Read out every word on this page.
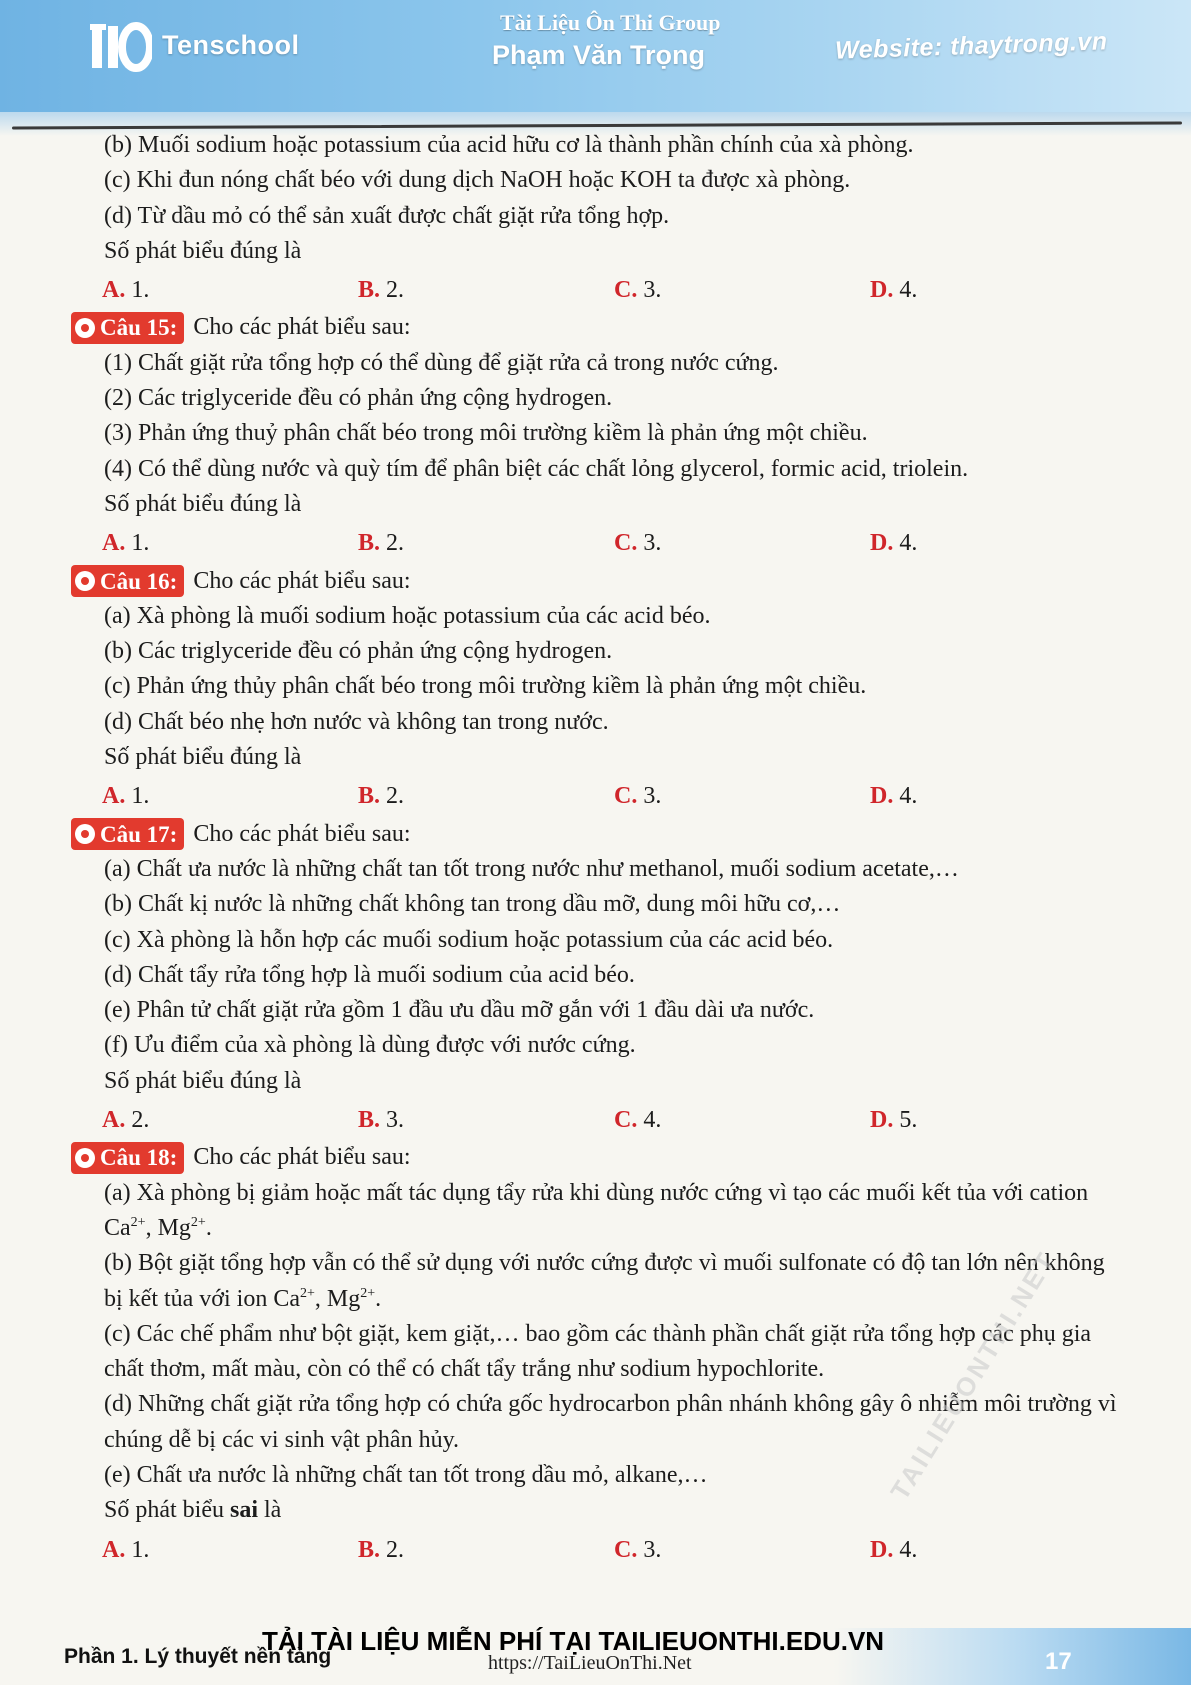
Tenschool
Tài Liệu Ôn Thi Group
Phạm Văn Trọng	Website: thaytrong.vn
(b) Muối sodium hoặc potassium của acid hữu cơ là thành phần chính của xà phòng.
(c) Khi đun nóng chất béo với dung dịch NaOH hoặc KOH ta được xà phòng.
(d) Từ dầu mỏ có thể sản xuất được chất giặt rửa tổng hợp.
Số phát biểu đúng là
A. 1.	B. 2.	C. 3.	D. 4.
Câu 15: Cho các phát biểu sau:
(1) Chất giặt rửa tổng hợp có thể dùng để giặt rửa cả trong nước cứng.
(2) Các triglyceride đều có phản ứng cộng hydrogen.
(3) Phản ứng thuỷ phân chất béo trong môi trường kiềm là phản ứng một chiều.
(4) Có thể dùng nước và quỳ tím để phân biệt các chất lỏng glycerol, formic acid, triolein.
Số phát biểu đúng là
A. 1.	B. 2.	C. 3.	D. 4.
Câu 16: Cho các phát biểu sau:
(a) Xà phòng là muối sodium hoặc potassium của các acid béo.
(b) Các triglyceride đều có phản ứng cộng hydrogen.
(c) Phản ứng thủy phân chất béo trong môi trường kiềm là phản ứng một chiều.
(d) Chất béo nhẹ hơn nước và không tan trong nước.
Số phát biểu đúng là
A. 1.	B. 2.	C. 3.	D. 4.
Câu 17: Cho các phát biểu sau:
(a) Chất ưa nước là những chất tan tốt trong nước như methanol, muối sodium acetate,…
(b) Chất kị nước là những chất không tan trong dầu mỡ, dung môi hữu cơ,…
(c) Xà phòng là hỗn hợp các muối sodium hoặc potassium của các acid béo.
(d) Chất tẩy rửa tổng hợp là muối sodium của acid béo.
(e) Phân tử chất giặt rửa gồm 1 đầu ưu dầu mỡ gắn với 1 đầu dài ưa nước.
(f) Ưu điểm của xà phòng là dùng được với nước cứng.
Số phát biểu đúng là
A. 2.	B. 3.	C. 4.	D. 5.
Câu 18: Cho các phát biểu sau:
(a) Xà phòng bị giảm hoặc mất tác dụng tẩy rửa khi dùng nước cứng vì tạo các muối kết tủa với cation $Ca^{2+}$, $Mg^{2+}$.
(b) Bột giặt tổng hợp vẫn có thể sử dụng với nước cứng được vì muối sulfonate có độ tan lớn nên không bị kết tủa với ion $Ca^{2+}$, $Mg^{2+}$.
(c) Các chế phẩm như bột giặt, kem giặt,… bao gồm các thành phần chất giặt rửa tổng hợp các phụ gia chất thơm, mất màu, còn có thể có chất tẩy trắng như sodium hypochlorite.
(d) Những chất giặt rửa tổng hợp có chứa gốc hydrocarbon phân nhánh không gây ô nhiễm môi trường vì chúng dễ bị các vi sinh vật phân hủy.
(e) Chất ưa nước là những chất tan tốt trong dầu mỏ, alkane,…
Số phát biểu sai là
A. 1.	B. 2.	C. 3.	D. 4.
TAILIEUONTHI.NET
Phần 1. Lý thuyết nền tảng
TẢI TÀI LIỆU MIỄN PHÍ TẠI TAILIEUONTHI.EDU.VN
https://TaiLieuOnThi.Net	17
